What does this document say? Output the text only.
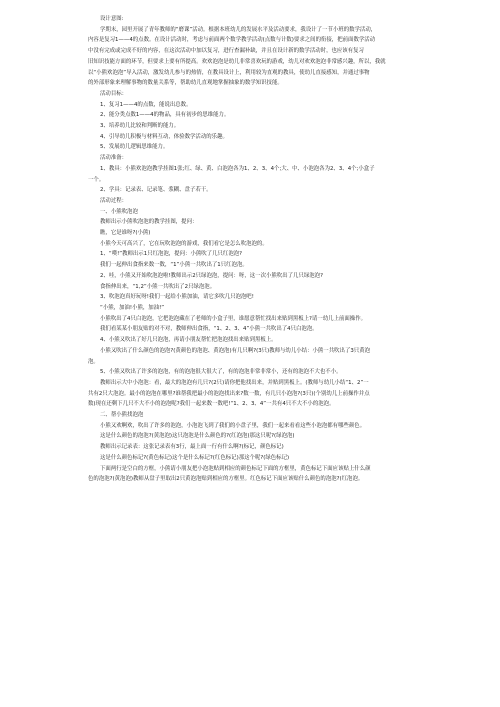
设计意图:
学期末，园里开展了青年教师的“磨课”活动。根据本班幼儿的发展水平及活动要求，我设计了一节小班的数学活动，
内容是复习1——4的点数。在设计活动时，考虑与前面两个数学教学活动(点数与计数)要求之间的衔接，把前面数学活动
中没有完成或完成不好的内容，在这次活动中加以复习，进行查漏补缺，并且在设计新的数学活动时，也应该有复习
旧知识技能方面的环节，但要求上要有所提高。欢欢泡泡是幼儿非常喜欢玩的游戏，幼儿对欢欢泡泡非常感兴趣，所以，我就
以“小熊欢泡泡”导入活动，激发幼儿参与的热情，在教具设计上，利用较为直观的教具，使幼儿直接感知，并通过事物
的外部形象来理解事物的数量关系等，帮助幼儿直观地掌握抽象的数学知识技能。
活动目标：
1、复习1——4的点数，能说出总数。
2、能分类点数1——4的物品，具有初步的思维能力。
3、培养幼儿比较和判断的能力。
4、引导幼儿积极与材料互动，体验数学活动的乐趣。
5、发展幼儿逻辑思维能力。
活动准备：
1、教具：小熊欢泡泡教学挂图1张;红、绿、黄、白泡泡各为1、2、3、4个;大、中、小泡泡各为2、3、4个;小盒子
一个。
2、学具：记录表、记录笔、浆糊、盘子若干。
活动过程：
一、小熊吹泡泡
教师出示小熊吹泡泡的教学挂图，提问：
瞧，它是谁呀?(小熊)
小熊今天可高兴了，它在玩吹泡泡的游戏，我们看它是怎么吹泡泡的。
1、“噗!”教师出示1只红泡泡，提问：小熊吹了几只红泡泡?
我们一起伸出食指来数一数，“1”小熊一共吹出了1只红泡泡。
2、哇，小熊又开始吹泡泡啦!教师出示2只绿泡泡，提问：呀，这一次小熊吹出了几只绿泡泡?
食指伸出来，“1,2”小熊一共吹出了2只绿泡泡。
3、吹泡泡真好玩呀!我们一起给小熊加油，请它多吹几只泡泡吧!
“小熊，加油!小熊，加油!”
小熊吹出了4只白泡泡，它把泡泡藏在了老师的小盒子里，谁愿意帮忙找出来贴到黑板上?请一幼儿上前面操作。
我们看某某小朋友贴的对不对，教师伸出食指，“1、2、3、4”小熊一共吹出了4只白泡泡。
4、小熊又吹出了好几只泡泡，再请小朋友帮忙把泡泡找出来贴到黑板上。
小熊又吹出了什么颜色的泡泡?(黄颜色的泡泡、黄泡泡)有几只啊?(3只)教师与幼儿小结：小熊一共吹出了3只黄泡
泡。
5、小熊又吹出了许多的泡泡，有的泡泡很大很大了，有的泡泡非常非常小，还有的泡泡不大也不小。
教师出示大中小泡泡：看，最大的泡泡有几只?(2只)请你把他找出来，并贴到黑板上。(教师与幼儿小结“1、2”一
共有2只大泡泡。最小的泡泡在哪里?谁帮我把最小的泡泡找出来?数一数，有几只小泡泡?(3只)(个别幼儿上前操作并点
数)现在还剩下几只不大不小的泡泡呢?我们一起来数一数吧!“1、2、3、4”一共有4只不大不小的泡泡。
二、帮小熊找泡泡
小熊又欢啊欢，吹出了许多的泡泡，小泡泡飞到了我们的小盘子里，我们一起来看看这些小泡泡都有哪些颜色。
这是什么颜色的泡泡?(黄泡泡)这只泡泡是什么颜色的?(红泡泡)那这只呢?(绿泡泡)
教师出示记录表：这张记录表有3行，最上面一行有什么啊?(标记，颜色标记)
这是什么颜色标记?(黄色标记)这个是什么标记?(红色标记)那这个呢?(绿色标记)
下面两行是空白的方框，小熊请小朋友把小泡泡贴到相应的颜色标记下面的方框里，黄色标记下面应该贴上什么颜
色的泡泡?(黄泡泡)教师从盘子里取出2只黄泡泡贴到相应的方框里。红色标记下面应该贴什么颜色的泡泡?(红泡泡。
